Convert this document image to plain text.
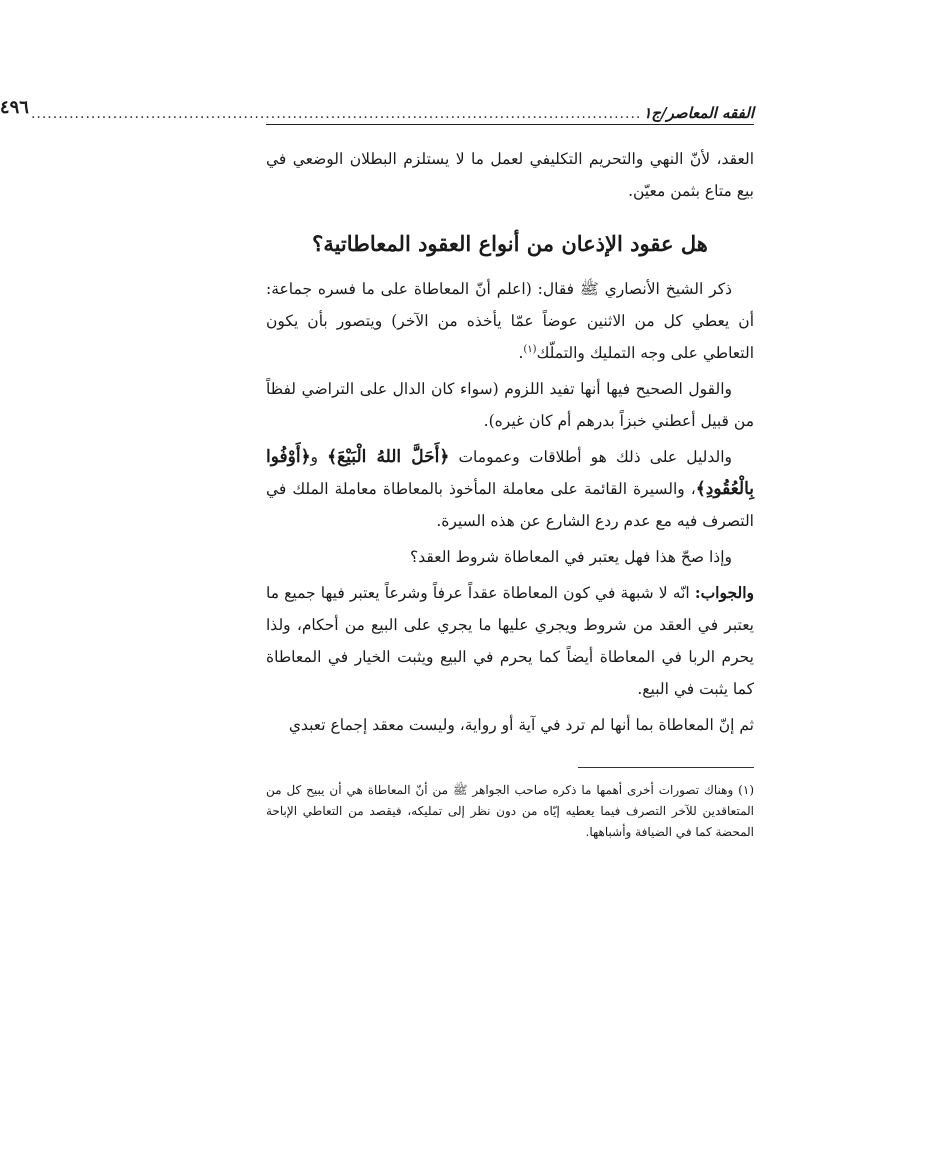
الفقه المعاصر/ج١
................................................................................................................
٤٩٦

العقد، لأنّ النهي والتحريم التكليفي لعمل ما لا يستلزم البطلان الوضعي في بيع متاع بثمن معيّن.

هل عقود الإذعان من أنواع العقود المعاطاتية؟

ذكر الشيخ الأنصاري ﷺ فقال: (اعلم أنّ المعاطاة على ما فسره جماعة: أن يعطي كل من الاثنين عوضاً عمّا يأخذه من الآخر) ويتصور بأن يكون التعاطي على وجه التمليك والتملّك$^{(١)}$.

والقول الصحيح فيها أنها تفيد اللزوم (سواء كان الدال على التراضي لفظاً من قبيل أعطني خبزاً بدرهم أم كان غيره).

والدليل على ذلك هو أطلاقات وعمومات ﴿أَحَلَّ اللهُ الْبَيْعَ﴾ و﴿أَوْفُوا بِالْعُقُودِ﴾، والسيرة القائمة على معاملة المأخوذ بالمعاطاة معاملة الملك في التصرف فيه مع عدم ردع الشارع عن هذه السيرة.

وإذا صحّ هذا فهل يعتبر في المعاطاة شروط العقد؟

والجواب: انّه لا شبهة في كون المعاطاة عقداً عرفاً وشرعاً يعتبر فيها جميع ما يعتبر في العقد من شروط ويجري عليها ما يجري على البيع من أحكام، ولذا يحرم الربا في المعاطاة أيضاً كما يحرم في البيع ويثبت الخيار في المعاطاة كما يثبت في البيع.

ثم إنّ المعاطاة بما أنها لم ترد في آية أو رواية، وليست معقد إجماع تعبدي

(١) وهناك تصورات أخرى أهمها ما ذكره صاحب الجواهر ﷺ من أنّ المعاطاة هي أن يبيح كل من المتعاقدين للآخر التصرف فيما يعطيه إيّاه من دون نظر إلى تمليكه، فيقصد من التعاطي الإباحة المحضة كما في الضيافة وأشباهها.
